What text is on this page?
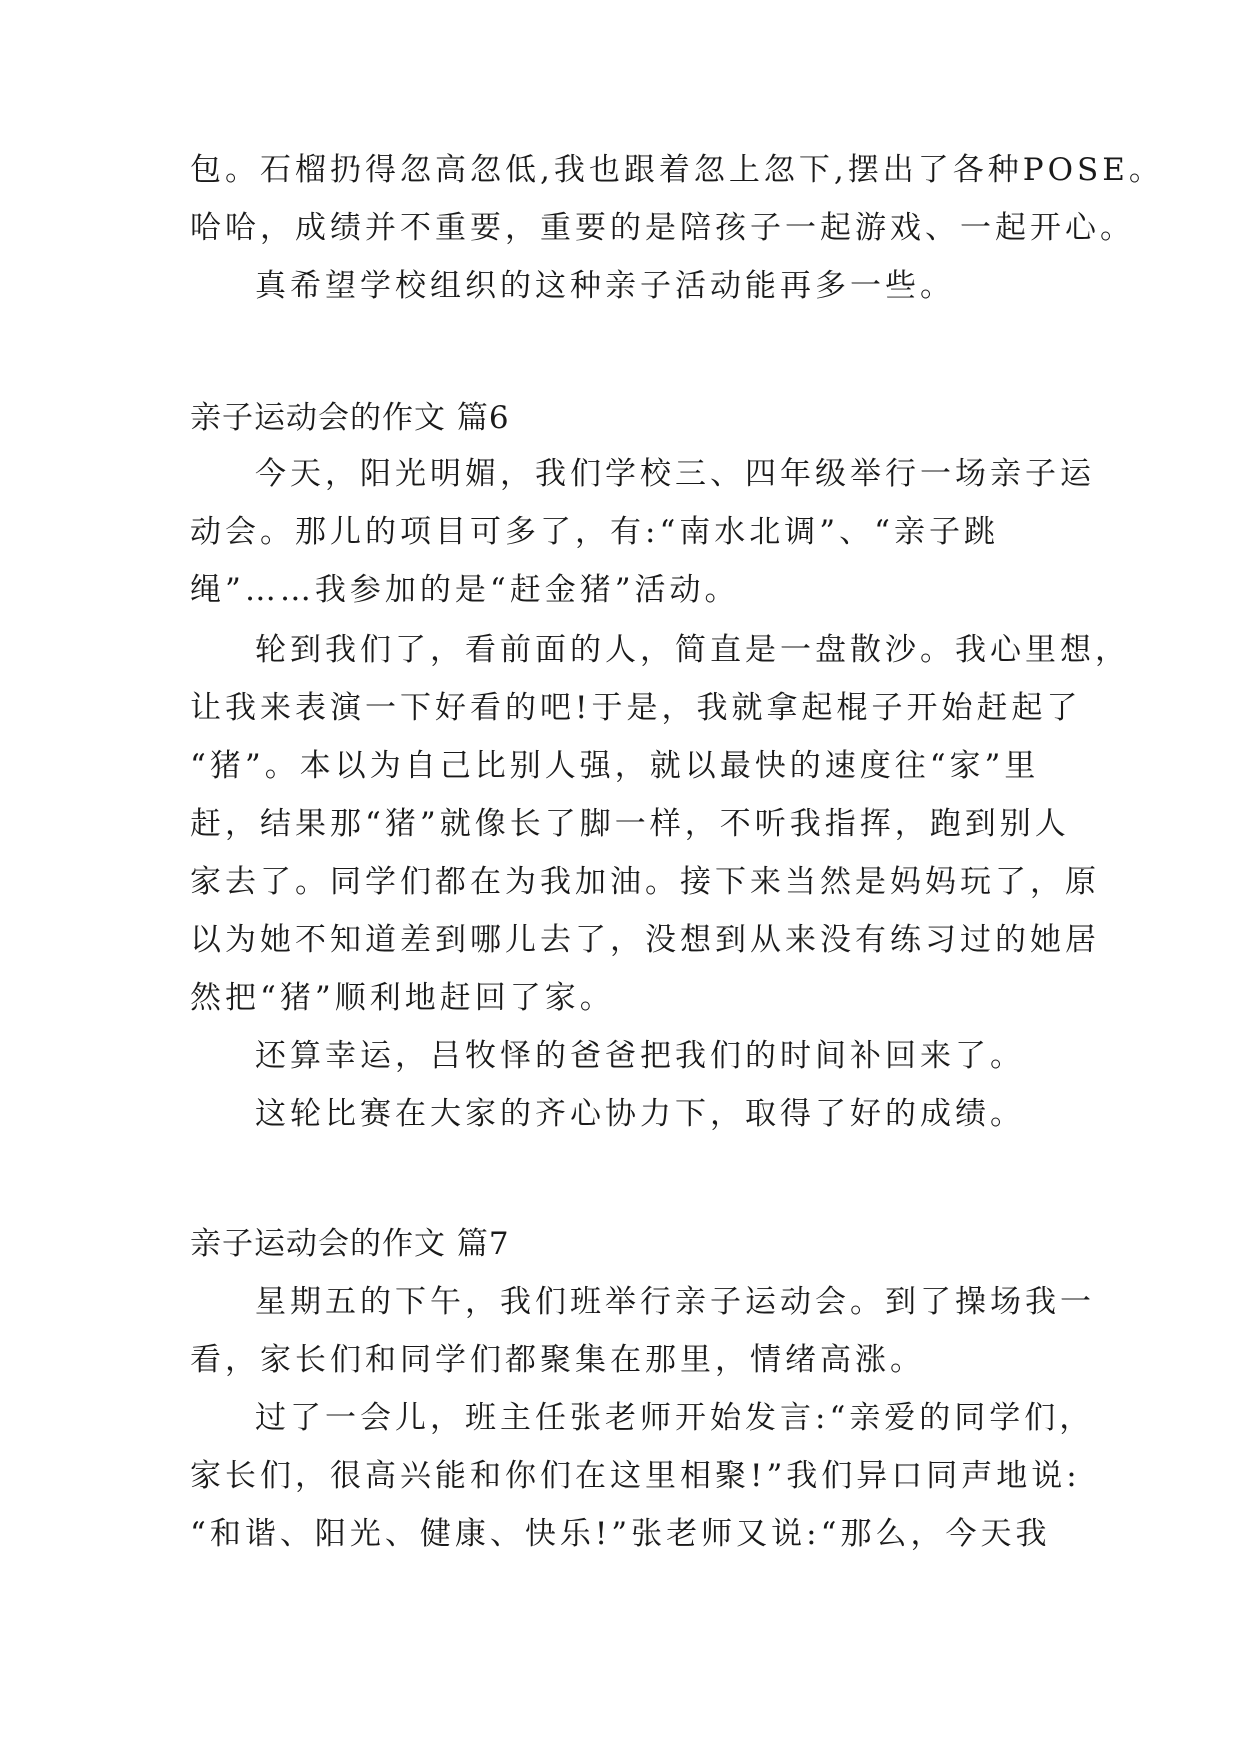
包。石榴扔得忽高忽低,我也跟着忽上忽下,摆出了各种POSE。
哈哈，成绩并不重要，重要的是陪孩子一起游戏、一起开心。
真希望学校组织的这种亲子活动能再多一些。
亲子运动会的作文 篇6
今天，阳光明媚，我们学校三、四年级举行一场亲子运
动会。那儿的项目可多了，有:“南水北调”、“亲子跳
绳”……我参加的是“赶金猪”活动。
轮到我们了，看前面的人，简直是一盘散沙。我心里想，
让我来表演一下好看的吧!于是，我就拿起棍子开始赶起了
“猪”。本以为自己比别人强，就以最快的速度往“家”里
赶，结果那“猪”就像长了脚一样，不听我指挥，跑到别人
家去了。同学们都在为我加油。接下来当然是妈妈玩了，原
以为她不知道差到哪儿去了，没想到从来没有练习过的她居
然把“猪”顺利地赶回了家。
还算幸运，吕牧怿的爸爸把我们的时间补回来了。
这轮比赛在大家的齐心协力下，取得了好的成绩。
亲子运动会的作文 篇7
星期五的下午，我们班举行亲子运动会。到了操场我一
看，家长们和同学们都聚集在那里，情绪高涨。
过了一会儿，班主任张老师开始发言:“亲爱的同学们，
家长们，很高兴能和你们在这里相聚!”我们异口同声地说:
“和谐、阳光、健康、快乐!”张老师又说:“那么，今天我
